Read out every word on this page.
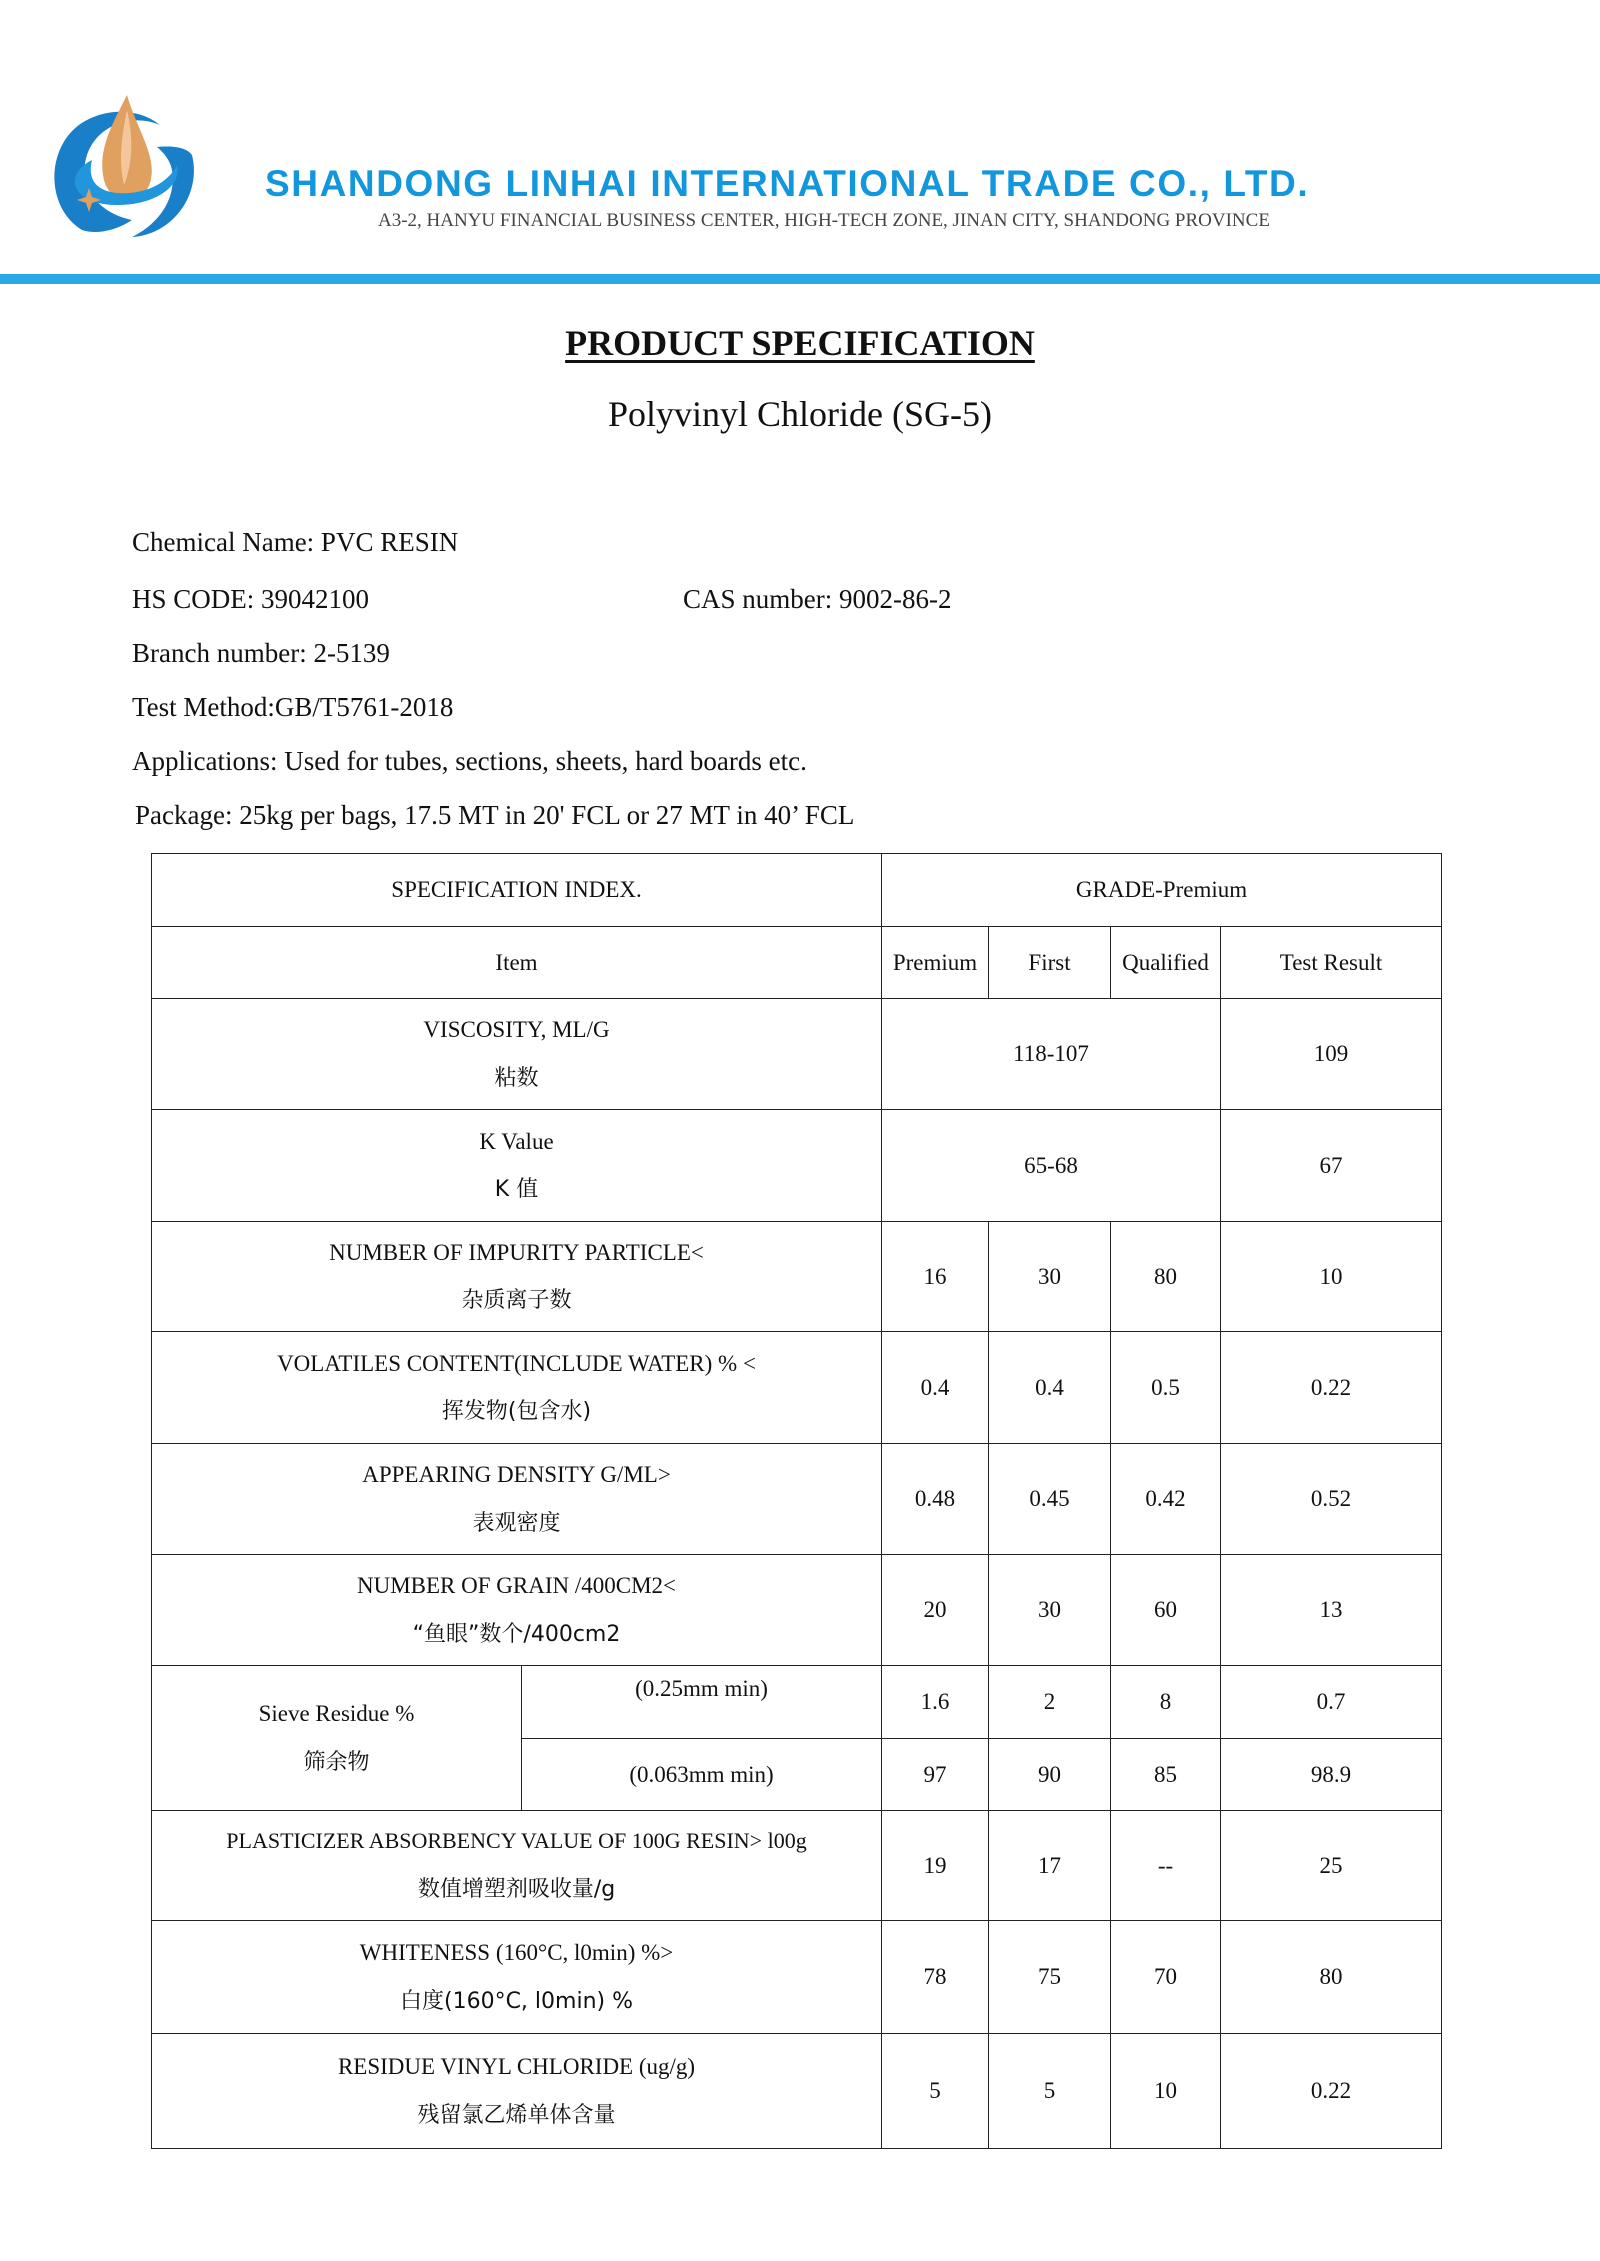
SHANDONG LINHAI INTERNATIONAL TRADE CO., LTD.
A3-2, HANYU FINANCIAL BUSINESS CENTER, HIGH-TECH ZONE, JINAN CITY, SHANDONG PROVINCE
PRODUCT SPECIFICATION
Polyvinyl Chloride (SG-5)
Chemical Name: PVC RESIN
HS CODE: 39042100	CAS number: 9002-86-2
Branch number: 2-5139
Test Method:GB/T5761-2018
Applications: Used for tubes, sections, sheets, hard boards etc.
Package: 25kg per bags, 17.5 MT in 20' FCL or 27 MT in 40’ FCL
SPECIFICATION INDEX.		GRADE-Premium			
Item		Premium	First	Qualified	Test Result

VISCOSITY, ML/G
粘数		118-107			109

K Value
K 值		65-68			67

NUMBER OF IMPURITY PARTICLE<
杂质离子数		16	30	80	10

VOLATILES CONTENT(INCLUDE WATER) % <
挥发物(包含水)		0.4	0.4	0.5	0.22

APPEARING DENSITY G/ML>
表观密度		0.48	0.45	0.42	0.52

NUMBER OF GRAIN /400CM2<
“鱼眼”数个/400cm2		20	30	60	13

Sieve Residue %
筛余物	(0.25mm min)	1.6	2	8	0.7
	(0.063mm min)	97	90	85	98.9

PLASTICIZER ABSORBENCY VALUE OF 100G RESIN> l00g
数值增塑剂吸收量/g		19	17	--	25

WHITENESS (160°C, l0min) %>
白度(160°C, l0min) %		78	75	70	80

RESIDUE VINYL CHLORIDE (ug/g)
残留氯乙烯单体含量		5	5	10	0.22
